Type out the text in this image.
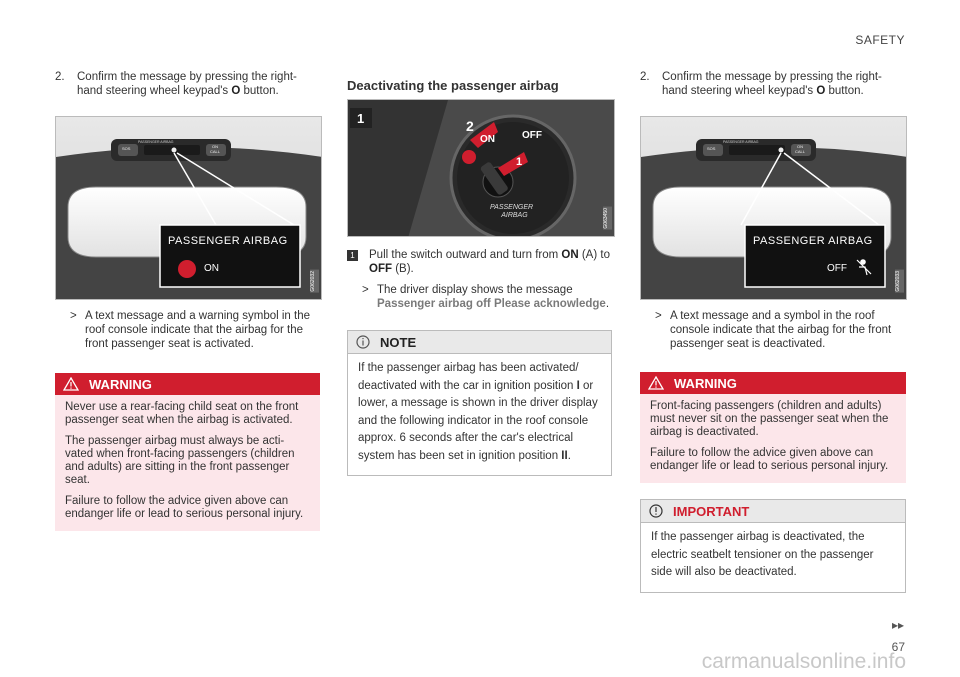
SAFETY
2.	Confirm the message by pressing the right-hand steering wheel keypad's O button.
PASSENGER AIRBAG
ON
PASSENGER AIRBAG
SOS	ON
CALL
G062032
> A text message and a warning symbol in the roof console indicate that the airbag for the front passenger seat is activated.
WARNING

Never use a rear-facing child seat on the front passenger seat when the airbag is activated.

The passenger airbag must always be acti-vated when front-facing passengers (children and adults) are sitting in the front passenger seat.

Failure to follow the advice given above can endanger life or lead to serious personal injury.

Deactivating the passenger airbag
1
ON	OFF
2
1
PASSENGER
AIRBAG	G063450
1 Pull the switch outward and turn from ON (A) to OFF (B).
> The driver display shows the message Passenger airbag off Please acknowledge.
NOTE
If the passenger airbag has been activated/ deactivated with the car in ignition position I or lower, a message is shown in the driver display and the following indicator in the roof console approx. 6 seconds after the car's electrical system has been set in ignition position II.
2.	Confirm the message by pressing the right-hand steering wheel keypad's O button.
PASSENGER AIRBAG
OFF
PASSENGER AIRBAG
SOS	ON
CALL
G062033
> A text message and a symbol in the roof console indicate that the airbag for the front passenger seat is deactivated.
WARNING

Front-facing passengers (children and adults) must never sit on the passenger seat when the airbag is deactivated.

Failure to follow the advice given above can endanger life or lead to serious personal injury.

IMPORTANT
If the passenger airbag is deactivated, the electric seatbelt tensioner on the passenger side will also be deactivated.
▸▸
67
carmanualsonline.info
